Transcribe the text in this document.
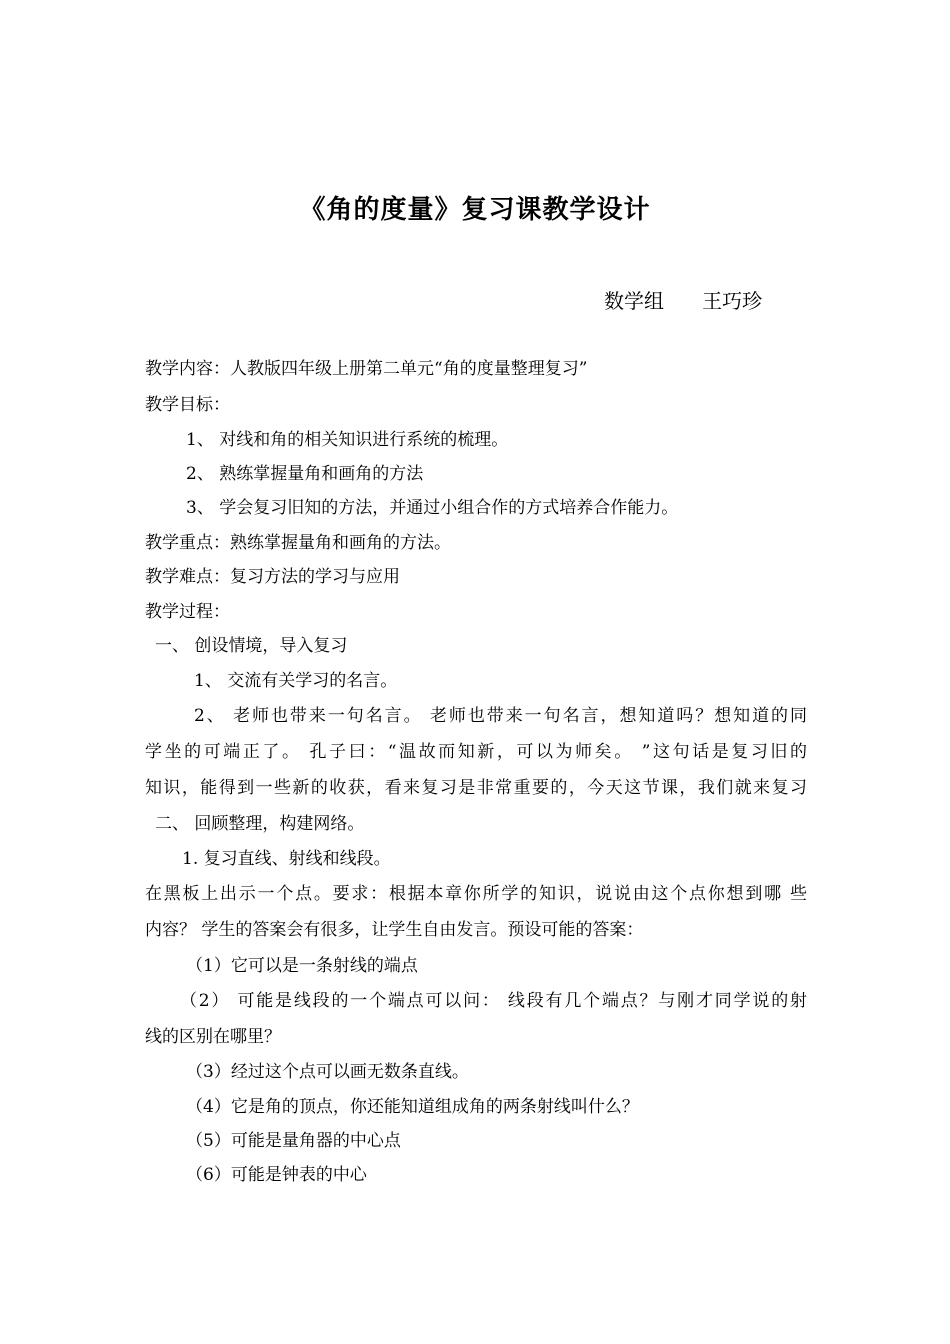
《角的度量》复习课教学设计
数学组 王巧珍
教学内容：人教版四年级上册第二单元“角的度量整理复习”
教学目标：
1、 对线和角的相关知识进行系统的梳理。
2、 熟练掌握量角和画角的方法
3、 学会复习旧知的方法，并通过小组合作的方式培养合作能力。
教学重点：熟练掌握量角和画角的方法。
教学难点：复习方法的学习与应用
教学过程：
一、 创设情境，导入复习
1、 交流有关学习的名言。
2、 老师也带来一句名言。 老师也带来一句名言，想知道吗？想知道的同
学坐的可端正了。 孔子曰：“温故而知新，可以为师矣。 ”这句话是复习旧的
知识，能得到一些新的收获，看来复习是非常重要的，今天这节课，我们就来复习
二、 回顾整理，构建网络。
1. 复习直线、射线和线段。
在黑板上出示一个点。要求：根据本章你所学的知识，说说由这个点你想到哪 些
内容？ 学生的答案会有很多，让学生自由发言。预设可能的答案：
（1）它可以是一条射线的端点
（2） 可能是线段的一个端点可以问： 线段有几个端点？与刚才同学说的射
线的区别在哪里？
（3）经过这个点可以画无数条直线。
（4）它是角的顶点，你还能知道组成角的两条射线叫什么？
（5）可能是量角器的中心点
（6）可能是钟表的中心
